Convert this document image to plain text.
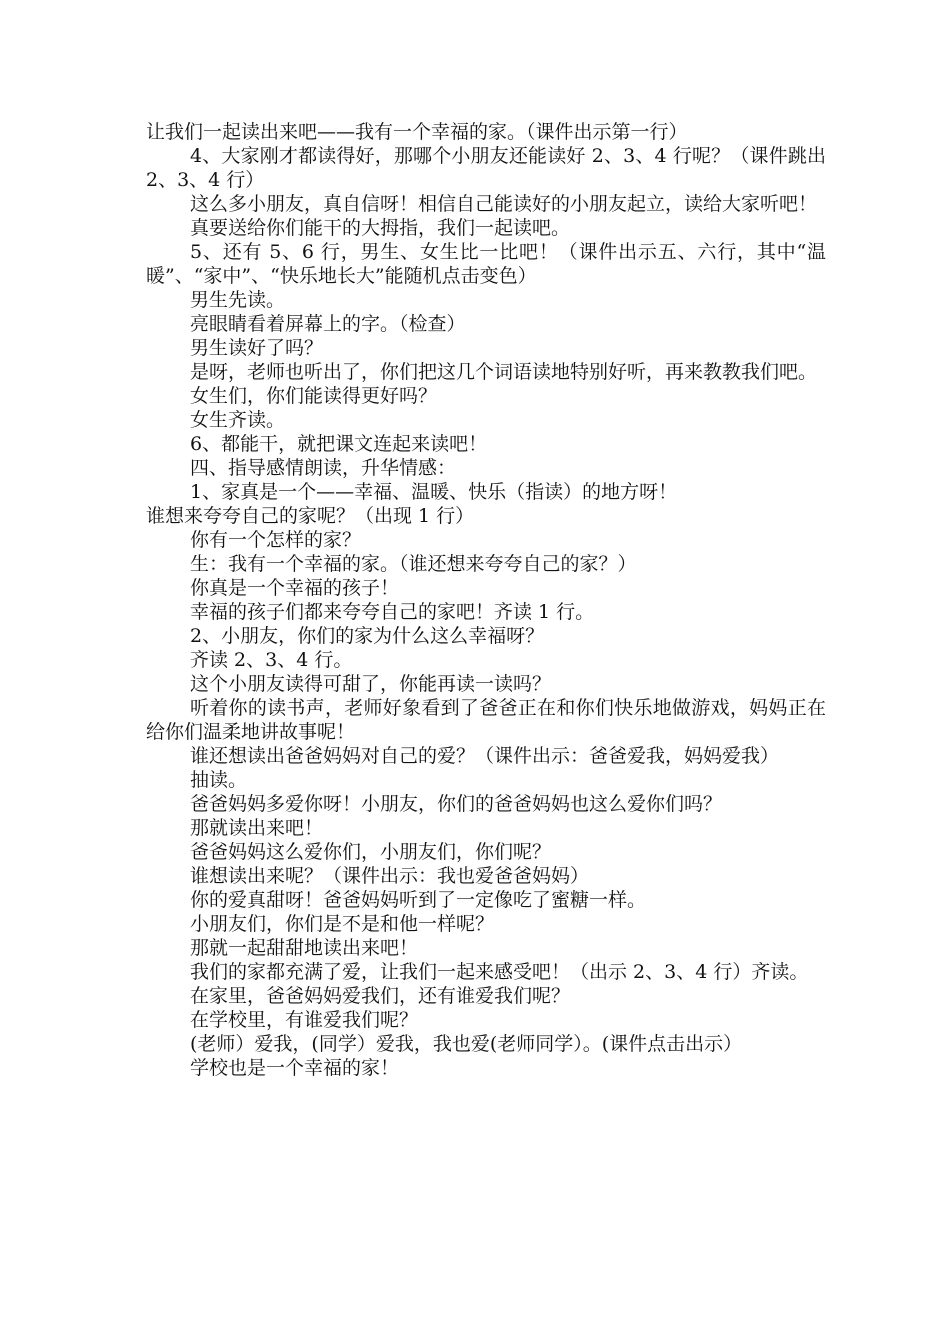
让我们一起读出来吧——我有一个幸福的家。（课件出示第一行）

4、大家刚才都读得好，那哪个小朋友还能读好 2、3、4 行呢？（课件跳出 2、3、4 行）

这么多小朋友，真自信呀！相信自己能读好的小朋友起立，读给大家听吧！

真要送给你们能干的大拇指，我们一起读吧。

5、还有 5、6 行，男生、女生比一比吧！（课件出示五、六行，其中“温暖”、“家中”、“快乐地长大”能随机点击变色）

男生先读。

亮眼睛看着屏幕上的字。（检查）

男生读好了吗？

是呀，老师也听出了，你们把这几个词语读地特别好听，再来教教我们吧。

女生们，你们能读得更好吗？

女生齐读。

6、都能干，就把课文连起来读吧！

四、指导感情朗读，升华情感：

1、家真是一个——幸福、温暖、快乐（指读）的地方呀！

谁想来夸夸自己的家呢？（出现 1 行）

你有一个怎样的家？

生：我有一个幸福的家。（谁还想来夸夸自己的家？）

你真是一个幸福的孩子！

幸福的孩子们都来夸夸自己的家吧！齐读 1 行。

2、小朋友，你们的家为什么这么幸福呀？

齐读 2、3、4 行。

这个小朋友读得可甜了，你能再读一读吗？

听着你的读书声，老师好象看到了爸爸正在和你们快乐地做游戏，妈妈正在给你们温柔地讲故事呢！

谁还想读出爸爸妈妈对自己的爱？（课件出示：爸爸爱我，妈妈爱我）

抽读。

爸爸妈妈多爱你呀！小朋友，你们的爸爸妈妈也这么爱你们吗？

那就读出来吧！

爸爸妈妈这么爱你们，小朋友们，你们呢？

谁想读出来呢？（课件出示：我也爱爸爸妈妈）

你的爱真甜呀！爸爸妈妈听到了一定像吃了蜜糖一样。

小朋友们，你们是不是和他一样呢？

那就一起甜甜地读出来吧！

我们的家都充满了爱，让我们一起来感受吧！（出示 2、3、4 行）齐读。

在家里，爸爸妈妈爱我们，还有谁爱我们呢？

在学校里，有谁爱我们呢？

(老师）爱我，(同学）爱我，我也爱(老师同学）。(课件点击出示）

学校也是一个幸福的家！
